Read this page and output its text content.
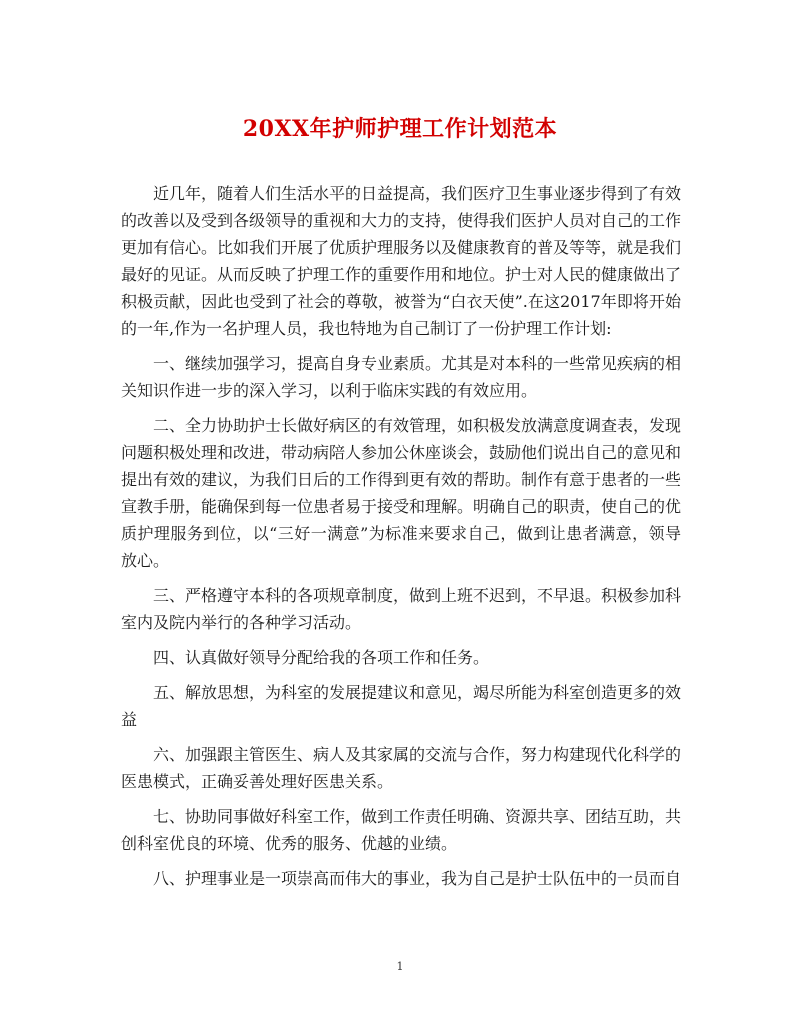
20XX年护师护理工作计划范本

近几年，随着人们生活水平的日益提高，我们医疗卫生事业逐步得到了有效的改善以及受到各级领导的重视和大力的支持，使得我们医护人员对自己的工作更加有信心。比如我们开展了优质护理服务以及健康教育的普及等等，就是我们最好的见证。从而反映了护理工作的重要作用和地位。护士对人民的健康做出了积极贡献，因此也受到了社会的尊敬，被誉为“白衣天使”.在这2017年即将开始的一年,作为一名护理人员，我也特地为自己制订了一份护理工作计划:

一、继续加强学习，提高自身专业素质。尤其是对本科的一些常见疾病的相关知识作进一步的深入学习，以利于临床实践的有效应用。

二、全力协助护士长做好病区的有效管理，如积极发放满意度调查表，发现问题积极处理和改进，带动病陪人参加公休座谈会，鼓励他们说出自己的意见和提出有效的建议，为我们日后的工作得到更有效的帮助。制作有意于患者的一些宣教手册，能确保到每一位患者易于接受和理解。明确自己的职责，使自己的优质护理服务到位，以“三好一满意”为标准来要求自己，做到让患者满意，领导放心。

三、严格遵守本科的各项规章制度，做到上班不迟到，不早退。积极参加科室内及院内举行的各种学习活动。

四、认真做好领导分配给我的各项工作和任务。

五、解放思想，为科室的发展提建议和意见，竭尽所能为科室创造更多的效益

六、加强跟主管医生、病人及其家属的交流与合作，努力构建现代化科学的医患模式，正确妥善处理好医患关系。

七、协助同事做好科室工作，做到工作责任明确、资源共享、团结互助，共创科室优良的环境、优秀的服务、优越的业绩。

八、护理事业是一项崇高而伟大的事业，我为自己是护士队伍中的一员而自

1
